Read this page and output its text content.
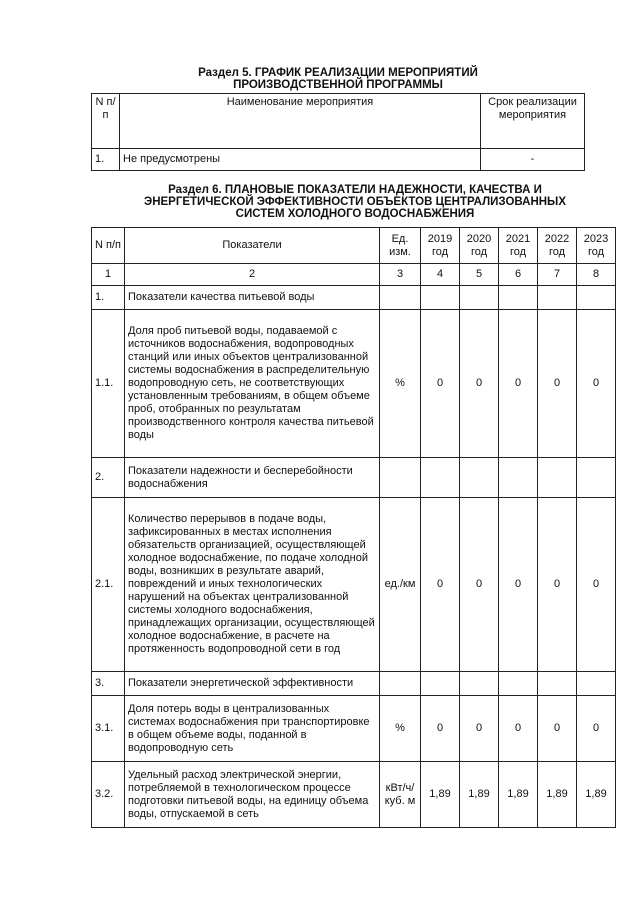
Раздел 5. ГРАФИК РЕАЛИЗАЦИИ МЕРОПРИЯТИЙ
ПРОИЗВОДСТВЕННОЙ ПРОГРАММЫ
N п/п	Наименование мероприятия	Срок реализации мероприятия
1.	Не предусмотрены	-
Раздел 6. ПЛАНОВЫЕ ПОКАЗАТЕЛИ НАДЕЖНОСТИ, КАЧЕСТВА И
ЭНЕРГЕТИЧЕСКОЙ ЭФФЕКТИВНОСТИ ОБЪЕКТОВ ЦЕНТРАЛИЗОВАННЫХ
СИСТЕМ ХОЛОДНОГО ВОДОСНАБЖЕНИЯ
N п/п	Показатели	Ед. изм.	2019 год	2020 год	2021 год	2022 год	2023 год
1	2	3	4	5	6	7	8
1.	Показатели качества питьевой воды						
1.1.	Доля проб питьевой воды, подаваемой с источников водоснабжения, водопроводных станций или иных объектов централизованной системы водоснабжения в распределительную водопроводную сеть, не соответствующих установленным требованиям, в общем объеме проб, отобранных по результатам производственного контроля качества питьевой воды	%	0	0	0	0	0
2.	Показатели надежности и бесперебойности водоснабжения						
2.1.	Количество перерывов в подаче воды, зафиксированных в местах исполнения обязательств организацией, осуществляющей холодное водоснабжение, по подаче холодной воды, возникших в результате аварий, повреждений и иных технологических нарушений на объектах централизованной системы холодного водоснабжения, принадлежащих организации, осуществляющей холодное водоснабжение, в расчете на протяженность водопроводной сети в год	ед./км	0	0	0	0	0
3.	Показатели энергетической эффективности						
3.1.	Доля потерь воды в централизованных системах водоснабжения при транспортировке в общем объеме воды, поданной в водопроводную сеть	%	0	0	0	0	0
3.2.	Удельный расход электрической энергии, потребляемой в технологическом процессе подготовки питьевой воды, на единицу объема воды, отпускаемой в сеть	кВт/ч/куб. м	1,89	1,89	1,89	1,89	1,89
